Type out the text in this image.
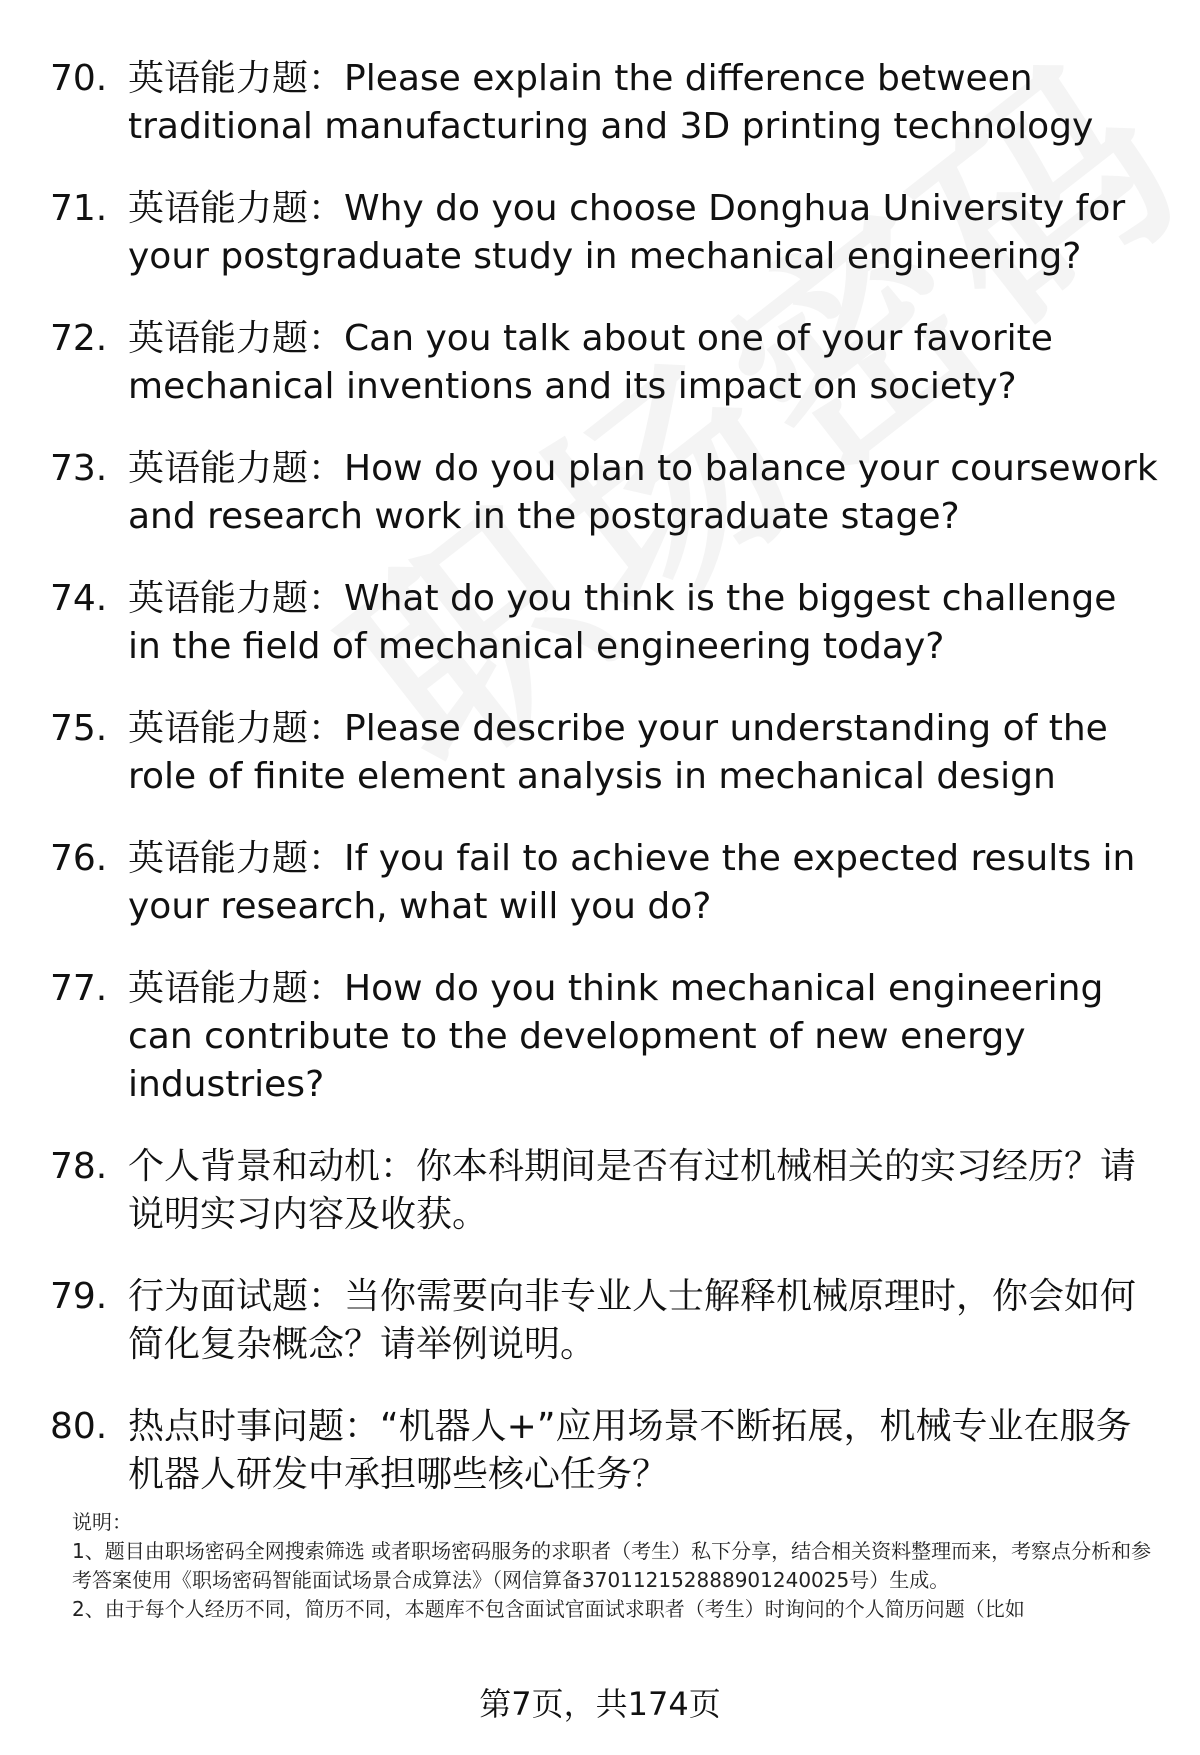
70. 英语能力题：Please explain the difference between traditional manufacturing and 3D printing technology
71. 英语能力题：Why do you choose Donghua University for your postgraduate study in mechanical engineering?
72. 英语能力题：Can you talk about one of your favorite mechanical inventions and its impact on society?
73. 英语能力题：How do you plan to balance your coursework and research work in the postgraduate stage?
74. 英语能力题：What do you think is the biggest challenge in the field of mechanical engineering today?
75. 英语能力题：Please describe your understanding of the role of finite element analysis in mechanical design
76. 英语能力题：If you fail to achieve the expected results in your research, what will you do?
77. 英语能力题：How do you think mechanical engineering can contribute to the development of new energy industries?
78. 个人背景和动机：你本科期间是否有过机械相关的实习经历？请说明实习内容及收获。
79. 行为面试题：当你需要向非专业人士解释机械原理时，你会如何简化复杂概念？请举例说明。
80. 热点时事问题：“机器人+”应用场景不断拓展，机械专业在服务机器人研发中承担哪些核心任务？

说明：

1、题目由职场密码全网搜索筛选 或者职场密码服务的求职者（考生）私下分享，结合相关资料整理而来，考察点分析和参考答案使用《职场密码智能面试场景合成算法》（网信算备370112152888901240025号）生成。

2、由于每个人经历不同，简历不同，本题库不包含面试官面试求职者（考生）时询问的个人简历问题（比如

第7页，共174页
